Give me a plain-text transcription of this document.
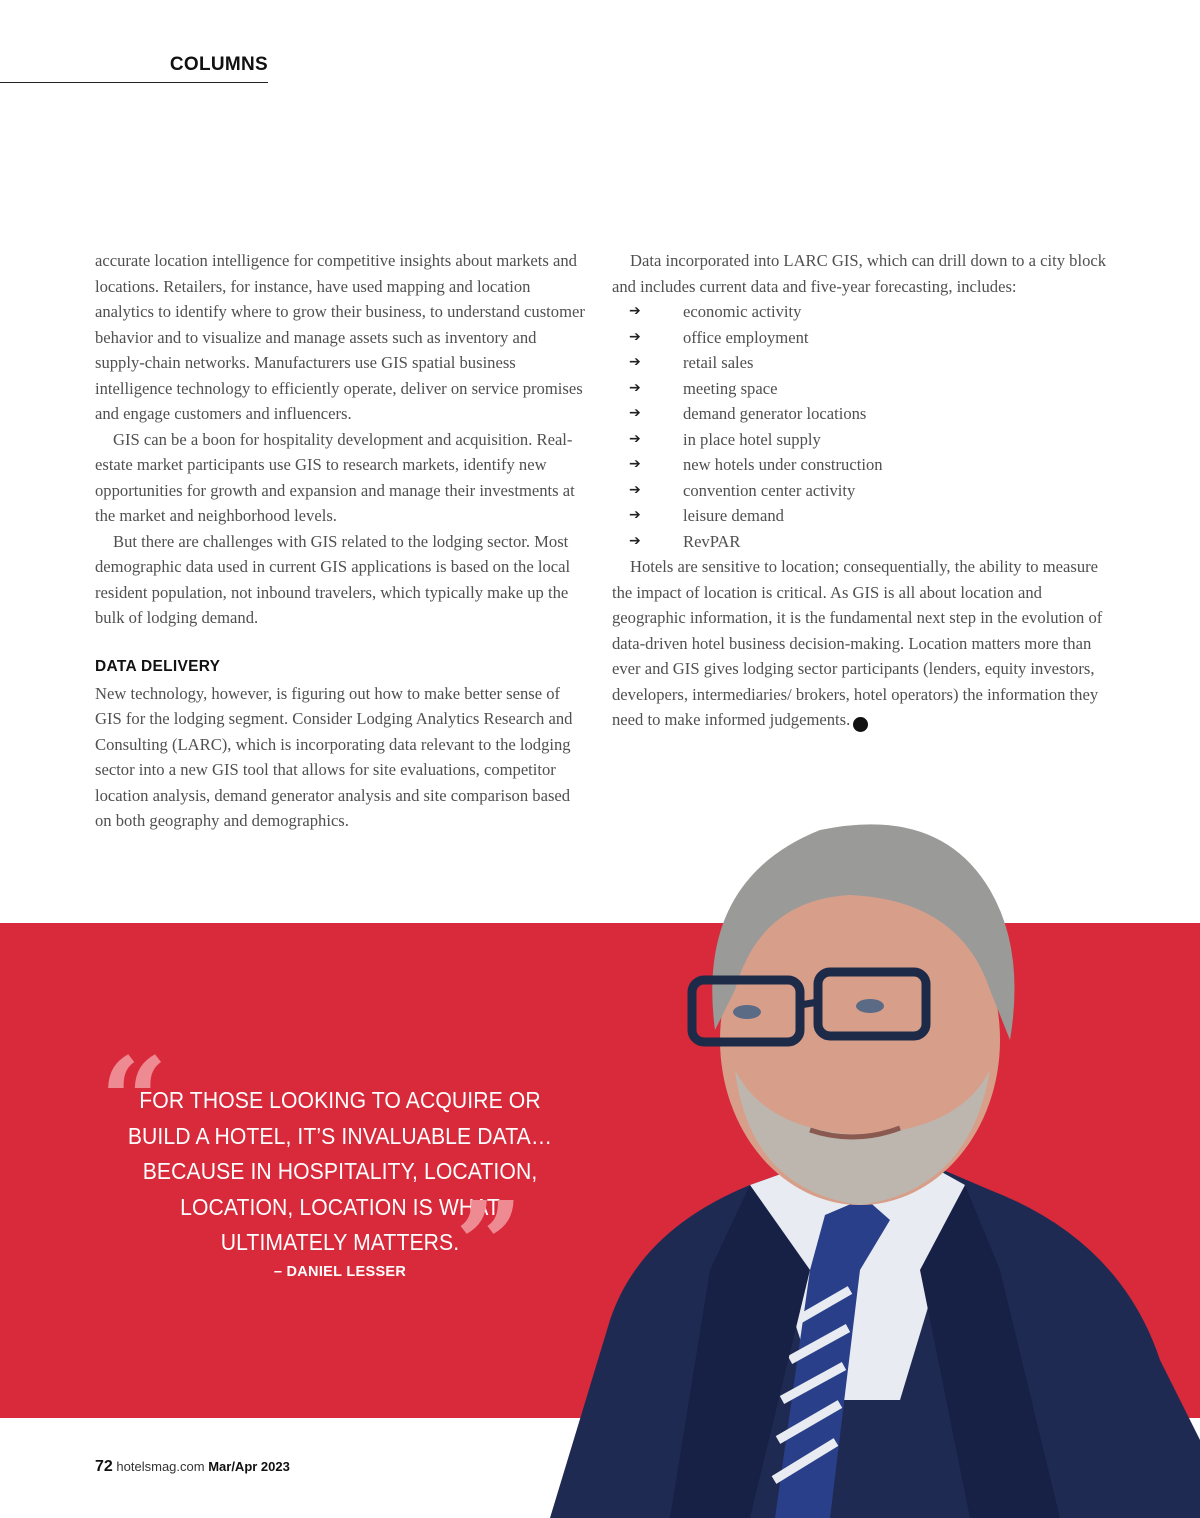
COLUMNS

accurate location intelligence for competitive insights about markets and locations. Retailers, for instance, have used mapping and location analytics to identify where to grow their business, to understand customer behavior and to visualize and manage assets such as inventory and supply-chain networks. Manufacturers use GIS spatial business intelligence technology to efficiently operate, deliver on service promises and engage customers and influencers.

GIS can be a boon for hospitality development and acquisition. Real-estate market participants use GIS to research markets, identify new opportunities for growth and expansion and manage their investments at the market and neighborhood levels.

But there are challenges with GIS related to the lodging sector. Most demographic data used in current GIS applications is based on the local resident population, not inbound travelers, which typically make up the bulk of lodging demand.

DATA DELIVERY

New technology, however, is figuring out how to make better sense of GIS for the lodging segment. Consider Lodging Analytics Research and Consulting (LARC), which is incorporating data relevant to the lodging sector into a new GIS tool that allows for site evaluations, competitor location analysis, demand generator analysis and site comparison based on both geography and demographics.

Data incorporated into LARC GIS, which can drill down to a city block and includes current data and five-year forecasting, includes:

➔	economic activity
➔	office employment
➔	retail sales
➔	meeting space
➔	demand generator locations
➔	in place hotel supply
➔	new hotels under construction
➔	convention center activity
➔	leisure demand
➔	RevPAR

Hotels are sensitive to location; consequentially, the ability to measure the impact of location is critical. As GIS is all about location and geographic information, it is the fundamental next step in the evolution of data-driven hotel business decision-making. Location matters more than ever and GIS gives lodging sector participants (lenders, equity investors, developers, intermediaries/ brokers, hotel operators) the information they need to make informed judgements. H

“
FOR THOSE LOOKING TO ACQUIRE OR BUILD A HOTEL, IT’S INVALUABLE DATA… BECAUSE IN HOSPITALITY, LOCATION, LOCATION, LOCATION IS WHAT ULTIMATELY MATTERS.
”
– DANIEL LESSER
72 hotelsmag.com Mar/Apr 2023
